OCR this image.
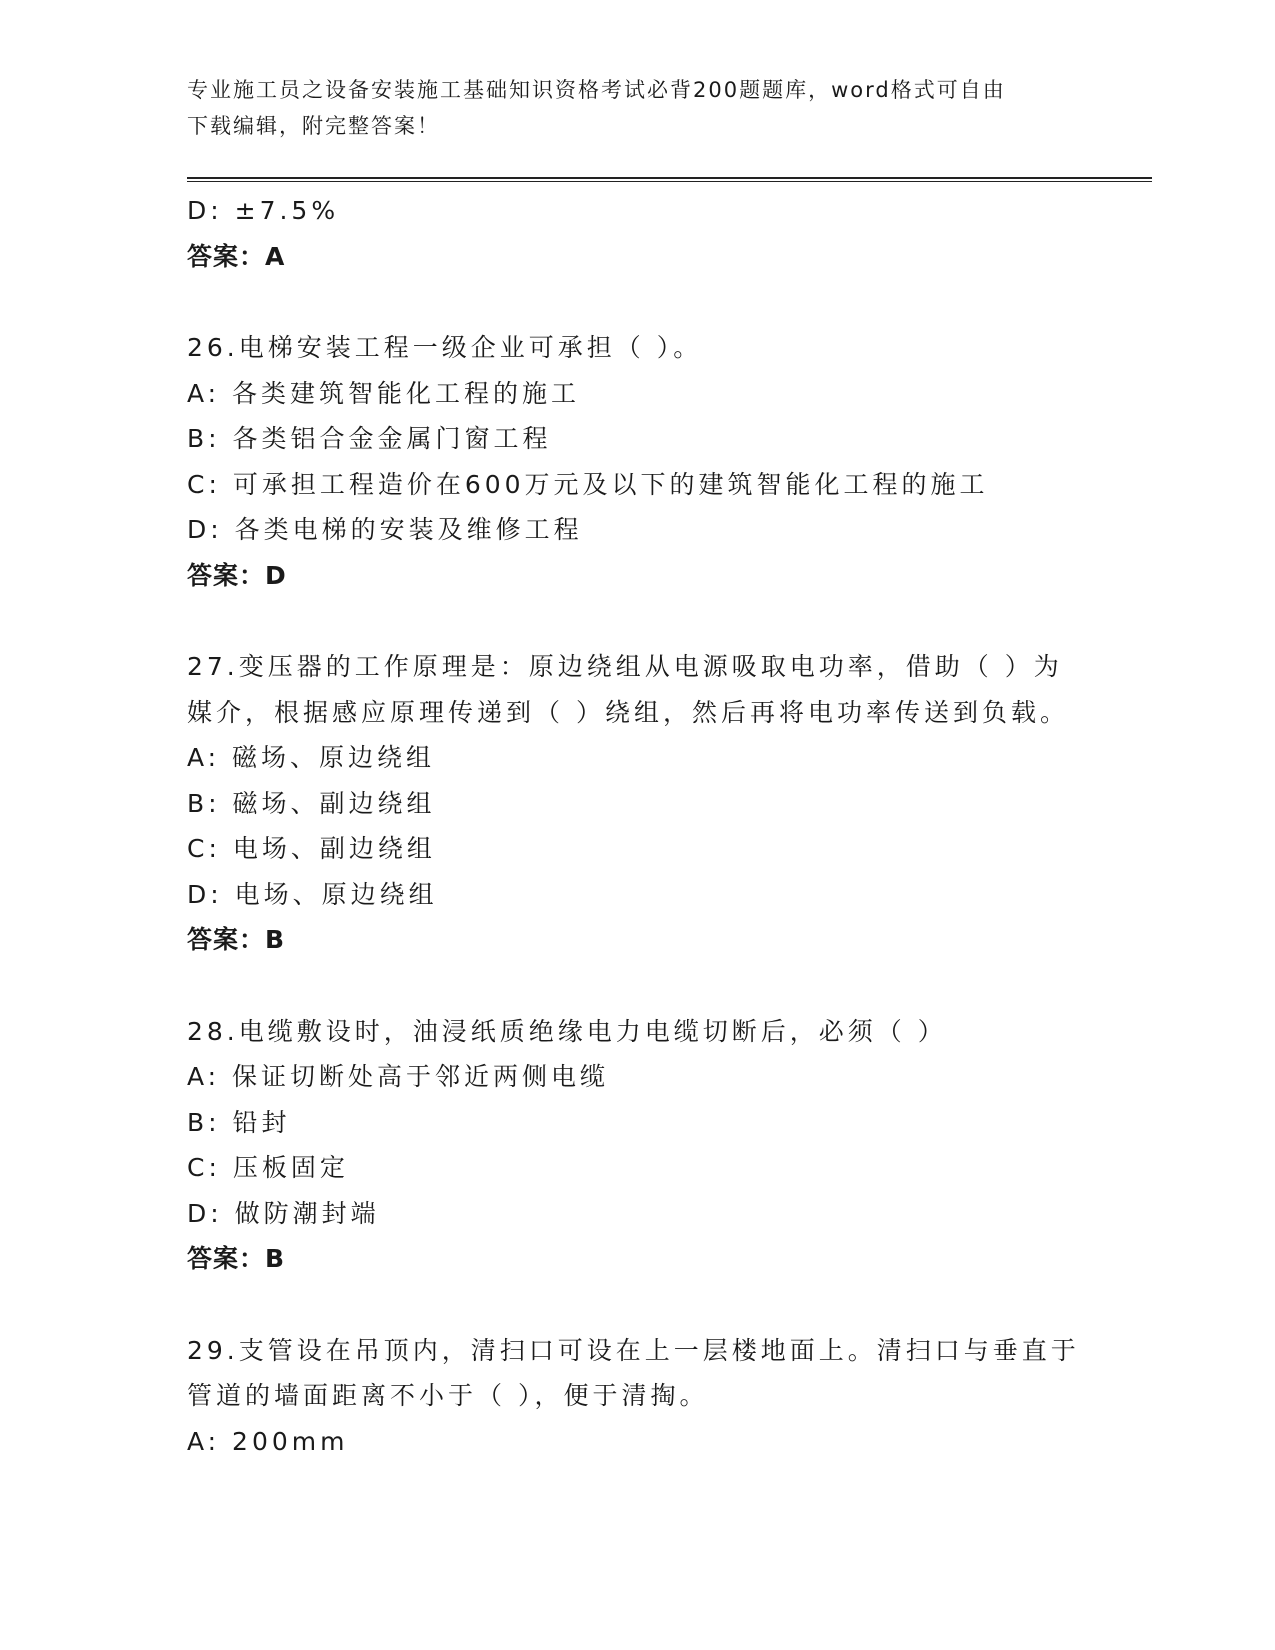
专业施工员之设备安装施工基础知识资格考试必背200题题库，word格式可自由
下载编辑，附完整答案！
D: ±7.5%
答案：A
26.电梯安装工程一级企业可承担（ ）。
A: 各类建筑智能化工程的施工
B: 各类铝合金金属门窗工程
C: 可承担工程造价在600万元及以下的建筑智能化工程的施工
D: 各类电梯的安装及维修工程
答案：D
27.变压器的工作原理是：原边绕组从电源吸取电功率，借助（ ）为
媒介，根据感应原理传递到（ ）绕组，然后再将电功率传送到负载。
A: 磁场、原边绕组
B: 磁场、副边绕组
C: 电场、副边绕组
D: 电场、原边绕组
答案：B
28.电缆敷设时，油浸纸质绝缘电力电缆切断后，必须（ ）
A: 保证切断处高于邻近两侧电缆
B: 铅封
C: 压板固定
D: 做防潮封端
答案：B
29.支管设在吊顶内，清扫口可设在上一层楼地面上。清扫口与垂直于
管道的墙面距离不小于（ ），便于清掏。
A: 200mm
